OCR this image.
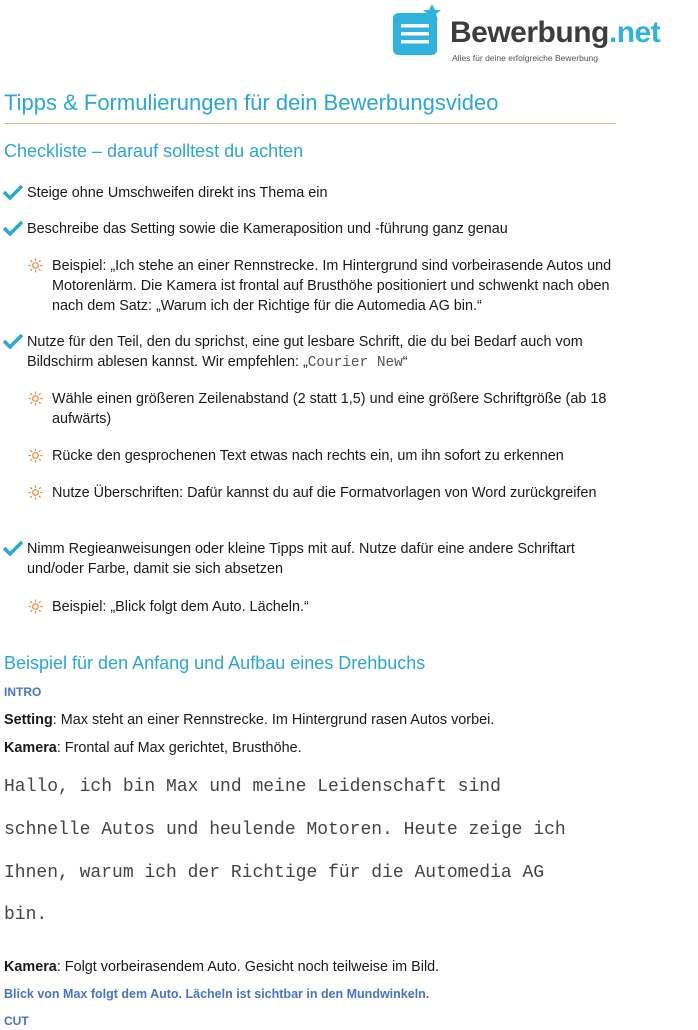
Bewerbung.net
Alles für deine erfolgreiche Bewerbung
Tipps & Formulierungen für dein Bewerbungsvideo
Checkliste – darauf solltest du achten
Steige ohne Umschweifen direkt ins Thema ein
Beschreibe das Setting sowie die Kameraposition und -führung ganz genau
Beispiel: „Ich stehe an einer Rennstrecke. Im Hintergrund sind vorbeirasende Autos und Motorenlärm. Die Kamera ist frontal auf Brusthöhe positioniert und schwenkt nach oben nach dem Satz: „Warum ich der Richtige für die Automedia AG bin.“
Nutze für den Teil, den du sprichst, eine gut lesbare Schrift, die du bei Bedarf auch vom Bildschirm ablesen kannst. Wir empfehlen: „Courier New“
Wähle einen größeren Zeilenabstand (2 statt 1,5) und eine größere Schriftgröße (ab 18 aufwärts)
Rücke den gesprochenen Text etwas nach rechts ein, um ihn sofort zu erkennen
Nutze Überschriften: Dafür kannst du auf die Formatvorlagen von Word zurückgreifen
Nimm Regieanweisungen oder kleine Tipps mit auf. Nutze dafür eine andere Schriftart und/oder Farbe, damit sie sich absetzen
Beispiel: „Blick folgt dem Auto. Lächeln.“
Beispiel für den Anfang und Aufbau eines Drehbuchs
INTRO
Setting: Max steht an einer Rennstrecke. Im Hintergrund rasen Autos vorbei.
Kamera: Frontal auf Max gerichtet, Brusthöhe.
Hallo, ich bin Max und meine Leidenschaft sind
schnelle Autos und heulende Motoren. Heute zeige ich
Ihnen, warum ich der Richtige für die Automedia AG
bin.
Kamera: Folgt vorbeirasendem Auto. Gesicht noch teilweise im Bild.
Blick von Max folgt dem Auto. Lächeln ist sichtbar in den Mundwinkeln.
CUT
